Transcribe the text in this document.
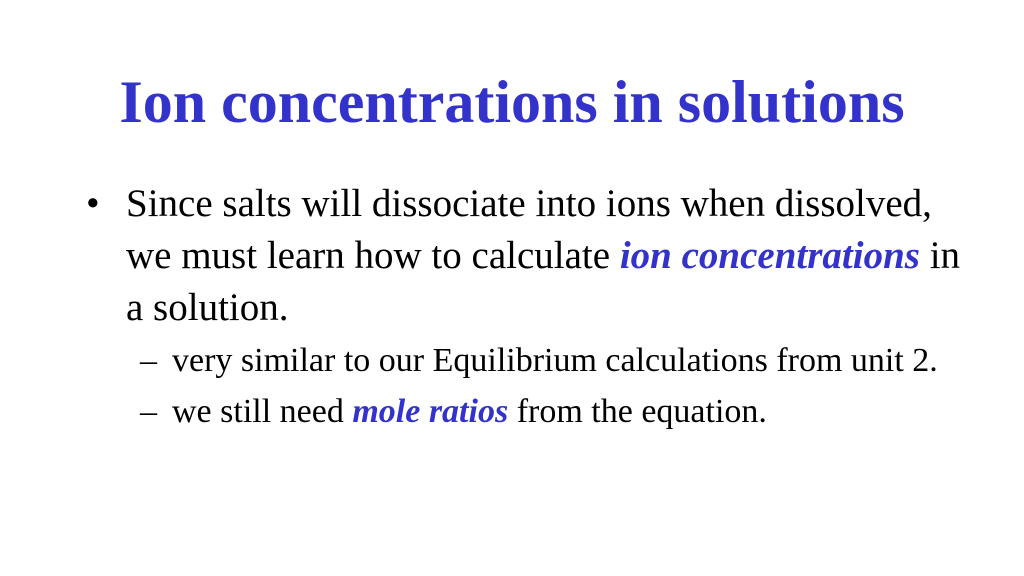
Ion concentrations in solutions
• Since salts will dissociate into ions when dissolved, we must learn how to calculate ion concentrations in a solution.
– very similar to our Equilibrium calculations from unit 2.
– we still need mole ratios from the equation.
